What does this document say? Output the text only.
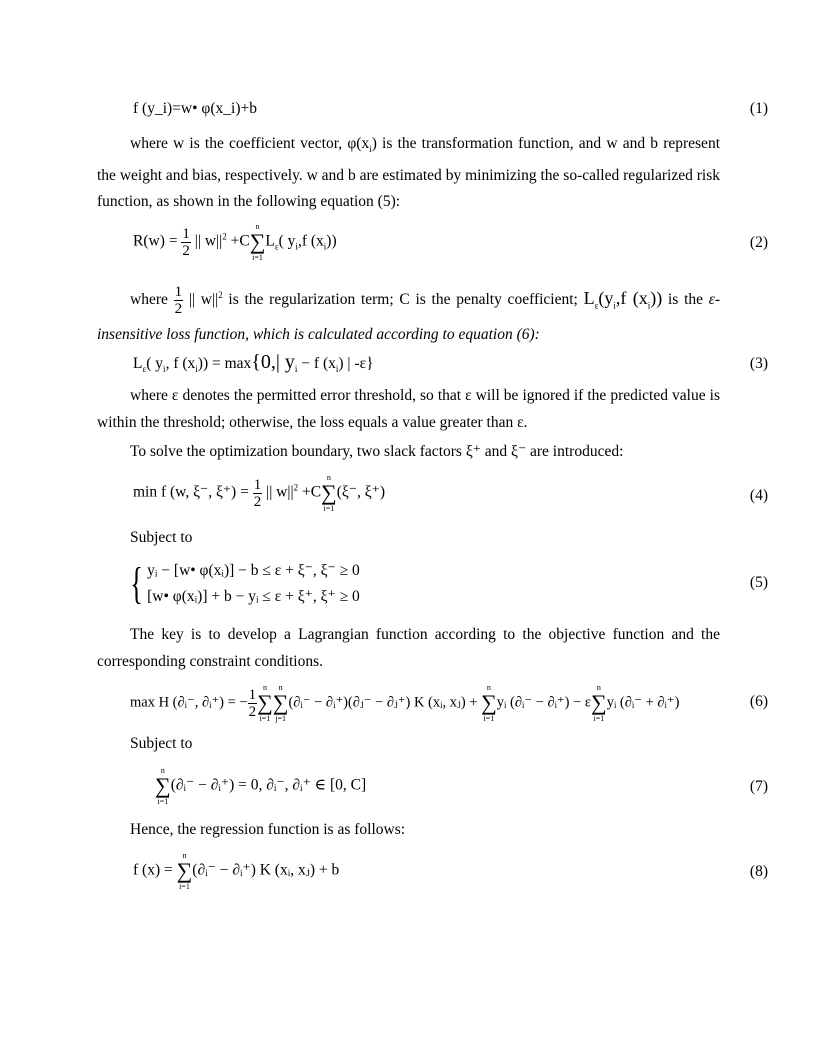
f (y_i)=w• φ(x_i)+b	(1)

where w is the coefficient vector, $\varphi(x_i)$ is the transformation function, and w and b represent the weight and bias, respectively. w and b are estimated by minimizing the so-called regularized risk function, as shown in the following equation (5):

$R(w) = \frac{1}{2}$ || $w||^2 +C$
n
∑
i=1
$L_\varepsilon$( $y_i,f$ $(x_i)$)	(2)

where $\frac{1}{2}$ || $w||^2$ is the regularization term; C is the penalty coefficient; $L_\varepsilon(y_i,f$ $(x_i)$) is the ε-insensitive loss function, which is calculated according to equation (6):

$L_\varepsilon$( $y_i$, f $(x_i)) = \max\{0,|$ $y_i - f$ $(x_i)$ | -ε}	(3)

where ε denotes the permitted error threshold, so that ε will be ignored if the predicted value is within the threshold; otherwise, the loss equals a value greater than ε.

To solve the optimization boundary, two slack factors ξ⁺ and ξ⁻ are introduced:

min f (w, ξ⁻, $\xi^+) = \frac{1}{2}$ || $w||^2 +C$
n
∑
i=1
(ξ⁻, ξ⁺)	(4)
Subject to
{ yᵢ − [w• φ(xᵢ)] − b ≤ ε + ξ⁻, ξ⁻ ≥ 0
[w• φ(xᵢ)] + b − yᵢ ≤ ε + ξ⁺, ξ⁺ ≥ 0
(5)

The key is to develop a Lagrangian function according to the objective function and the corresponding constraint conditions.

max H (∂ᵢ⁻, ∂ᵢ⁺) = − $\frac{1}{2}$ n
∑
i=1
n
∑
j=1
(∂ᵢ⁻ − ∂ᵢ⁺)(∂ⱼ⁻ − ∂ⱼ⁺) K (xᵢ, xⱼ) +
n
∑
i=1
yᵢ (∂ᵢ⁻ − ∂ᵢ⁺) − ε
n
∑
i=1
yᵢ (∂ᵢ⁻ + ∂ᵢ⁺)	(6)
Subject to
n
∑
i=1
(∂ᵢ⁻ − ∂ᵢ⁺) = 0, ∂ᵢ⁻, ∂ᵢ⁺ ∈ [0, C]	(7)

Hence, the regression function is as follows:

f (x) =
n
∑
i=1
(∂ᵢ⁻ − ∂ᵢ⁺) K (xᵢ, xⱼ) + b	(8)
